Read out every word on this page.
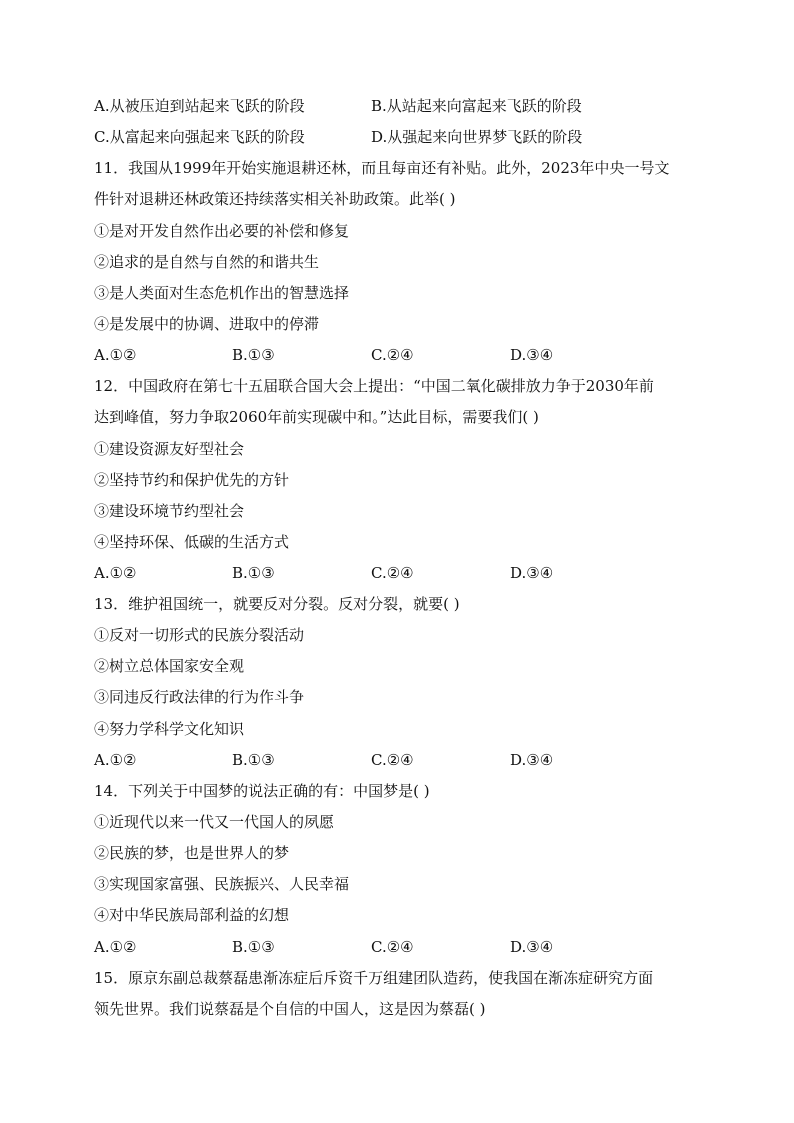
A.从被压迫到站起来飞跃的阶段	B.从站起来向富起来飞跃的阶段
C.从富起来向强起来飞跃的阶段	D.从强起来向世界梦飞跃的阶段
11．我国从1999年开始实施退耕还林，而且每亩还有补贴。此外，2023年中央一号文
件针对退耕还林政策还持续落实相关补助政策。此举( )
①是对开发自然作出必要的补偿和修复
②追求的是自然与自然的和谐共生
③是人类面对生态危机作出的智慧选择
④是发展中的协调、进取中的停滞
A.①②	B.①③	C.②④	D.③④
12．中国政府在第七十五届联合国大会上提出：“中国二氧化碳排放力争于2030年前
达到峰值，努力争取2060年前实现碳中和。”达此目标，需要我们( )
①建设资源友好型社会
②坚持节约和保护优先的方针
③建设环境节约型社会
④坚持环保、低碳的生活方式
A.①②	B.①③	C.②④	D.③④
13．维护祖国统一，就要反对分裂。反对分裂，就要( )
①反对一切形式的民族分裂活动
②树立总体国家安全观
③同违反行政法律的行为作斗争
④努力学科学文化知识
A.①②	B.①③	C.②④	D.③④
14．下列关于中国梦的说法正确的有：中国梦是( )
①近现代以来一代又一代国人的夙愿
②民族的梦，也是世界人的梦
③实现国家富强、民族振兴、人民幸福
④对中华民族局部利益的幻想
A.①②	B.①③	C.②④	D.③④
15．原京东副总裁蔡磊患渐冻症后斥资千万组建团队造药，使我国在渐冻症研究方面
领先世界。我们说蔡磊是个自信的中国人，这是因为蔡磊( )
